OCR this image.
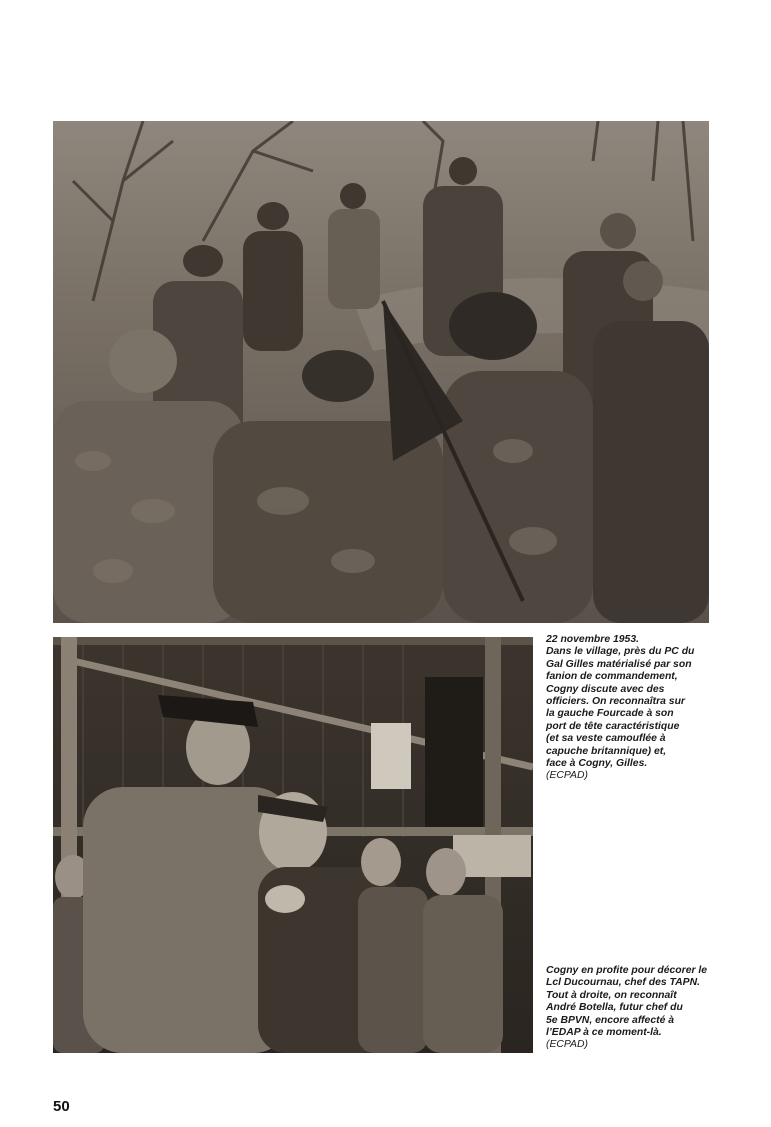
22 novembre 1953.
Dans le village, près du PC du
Gal Gilles matérialisé par son
fanion de commandement,
Cogny discute avec des
officiers. On reconnaîtra sur
la gauche Fourcade à son
port de tête caractéristique
(et sa veste camouflée à
capuche britannique) et,
face à Cogny, Gilles.
(ECPAD)
Cogny en profite pour décorer le
Lcl Ducournau, chef des TAPN.
Tout à droite, on reconnaît
André Botella, futur chef du
5e BPVN, encore affecté à
l’EDAP à ce moment-là.
(ECPAD)
50
